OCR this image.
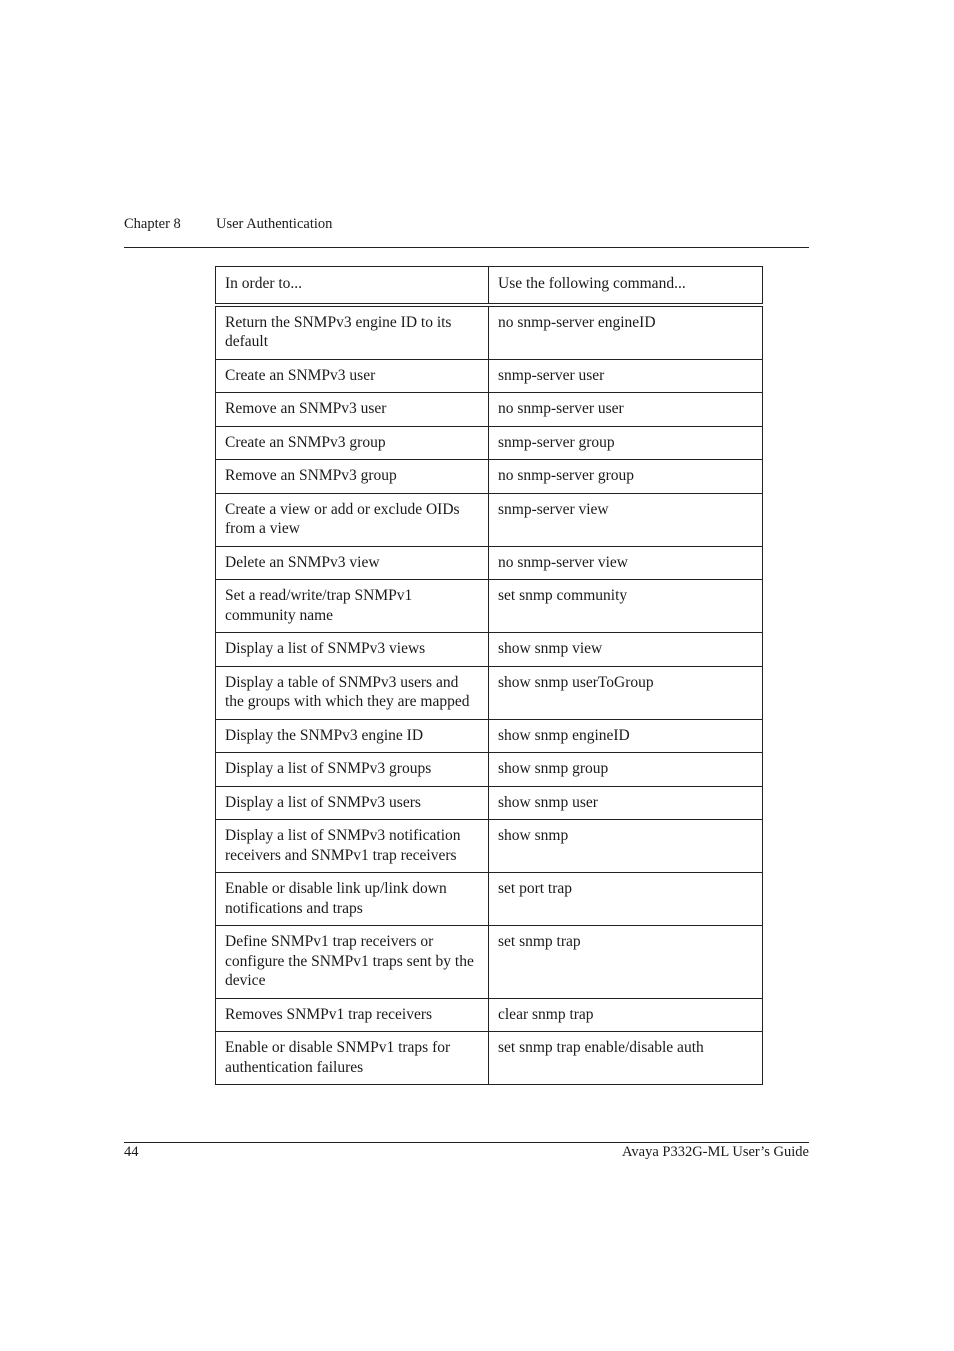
Chapter 8 User Authentication
In order to...	Use the following command...
Return the SNMPv3 engine ID to its default	no snmp-server engineID
Create an SNMPv3 user	snmp-server user
Remove an SNMPv3 user	no snmp-server user
Create an SNMPv3 group	snmp-server group
Remove an SNMPv3 group	no snmp-server group
Create a view or add or exclude OIDs from a view	snmp-server view
Delete an SNMPv3 view	no snmp-server view
Set a read/write/trap SNMPv1 community name	set snmp community
Display a list of SNMPv3 views	show snmp view
Display a table of SNMPv3 users and the groups with which they are mapped	show snmp userToGroup
Display the SNMPv3 engine ID	show snmp engineID
Display a list of SNMPv3 groups	show snmp group
Display a list of SNMPv3 users	show snmp user
Display a list of SNMPv3 notification receivers and SNMPv1 trap receivers	show snmp
Enable or disable link up/link down notifications and traps	set port trap
Define SNMPv1 trap receivers or configure the SNMPv1 traps sent by the device	set snmp trap
Removes SNMPv1 trap receivers	clear snmp trap
Enable or disable SNMPv1 traps for authentication failures	set snmp trap enable/disable auth
44	Avaya P332G-ML User’s Guide
